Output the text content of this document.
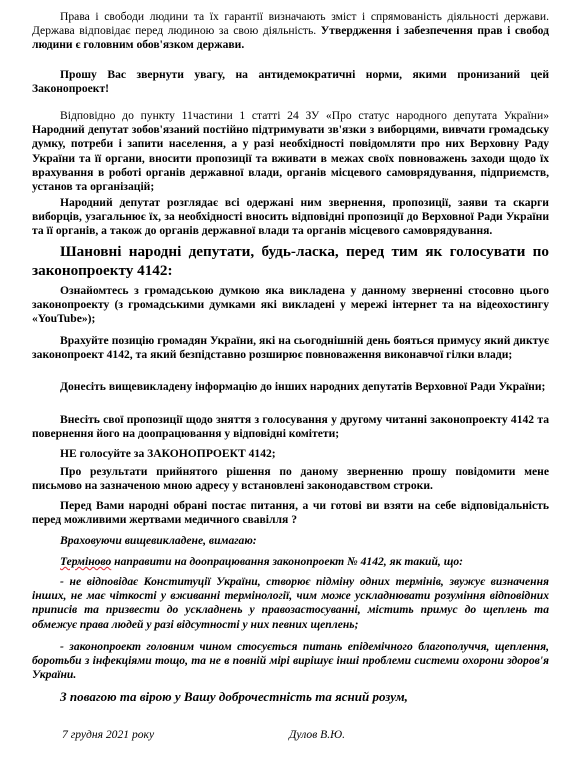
Права і свободи людини та їх гарантії визначають зміст і спрямованість діяльності держави. Держава відповідає перед людиною за свою діяльність. Утвердження і забезпечення прав і свобод людини є головним обов'язком держави.

Прошу Вас звернути увагу, на антидемократичні норми, якими пронизаний цей Законопроект!

Відповідно до пункту 11частини 1 статті 24 ЗУ «Про статус народного депутата України» Народний депутат зобов'язаний постійно підтримувати зв'язки з виборцями, вивчати громадську думку, потреби і запити населення, а у разі необхідності повідомляти про них Верховну Раду України та її органи, вносити пропозиції та вживати в межах своїх повноважень заходи щодо їх врахування в роботі органів державної влади, органів місцевого самоврядування, підприємств, установ та організацій;

Народний депутат розглядає всі одержані ним звернення, пропозиції, заяви та скарги виборців, узагальнює їх, за необхідності вносить відповідні пропозиції до Верховної Ради України та її органів, а також до органів державної влади та органів місцевого самоврядування.

Шановні народні депутати, будь-ласка, перед тим як голосувати по законопроекту 4142:

Ознайомтесь з громадською думкою яка викладена у данному зверненні стосовно цього законопроекту (з громадськими думками які викладені у мережі інтернет та на відеохостингу «YouTube»);

Врахуйте позицію громадян України, які на сьогоднішній день бояться примусу який диктує законопроект 4142, та який безпідставно розширює повноваження виконавчої гілки влади;

Донесіть вищевикладену інформацію до інших народних депутатів Верховної Ради України;

Внесіть свої пропозиції щодо зняття з голосування у другому читанні законопроекту 4142 та повернення його на доопрацювання у відповідні комітети;

НЕ голосуйте за ЗАКОНОПРОЕКТ 4142;

Про результати прийнятого рішення по даному зверненню прошу повідомити мене письмово на зазначеною мною адресу у встановлені законодавством строки.

Перед Вами народні обрані постає питання, а чи готові ви взяти на себе відповідальність перед можливими жертвами медичного свавілля ?

Враховуючи вищевикладене, вимагаю:

Терміново направити на доопрацювання законопроект № 4142, як такий, що:

- не відповідає Конституції України, створює підміну одних термінів, звужує визначення інших, не має чіткості у вживанні термінології, чим може ускладнювати розуміння відповідних приписів та призвести до ускладнень у правозастосуванні, містить примус до щеплень та обмежує права людей у разі відсутності у них певних щеплень;

- законопроект головним чином стосується питань епідемічного благополуччя, щеплення, боротьби з інфекціями тощо, та не в повній мірі вирішує інші проблеми системи охорони здоров'я України.

З повагою та вірою у Вашу доброчестність та ясний розум,

7 грудня 2021 року	Дулов В.Ю.
